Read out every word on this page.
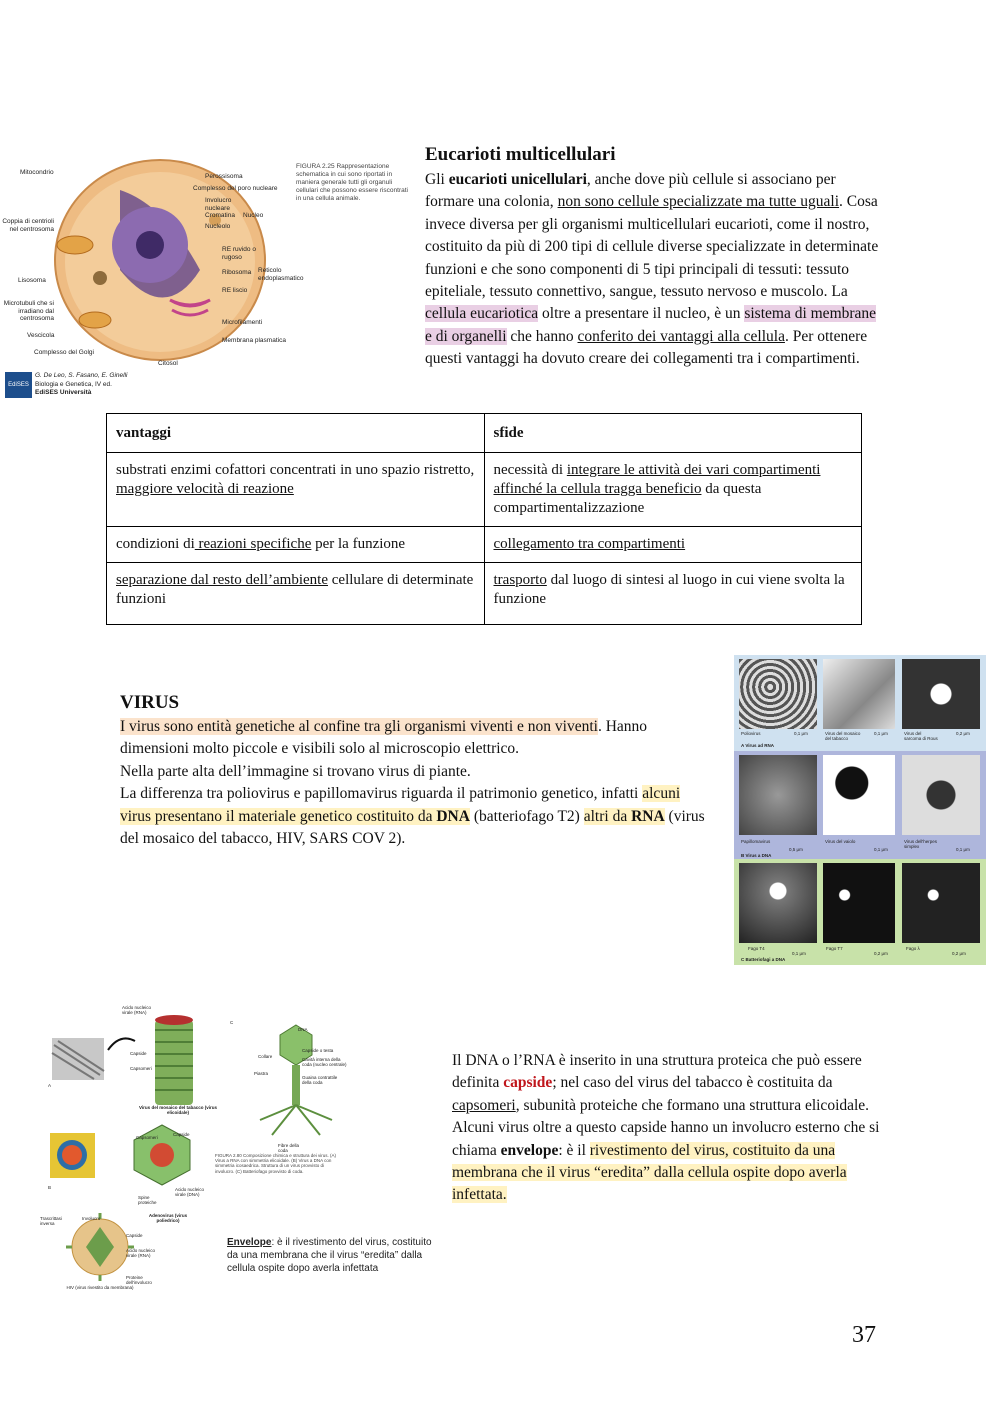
Mitocondrio
Perossisoma
Complesso del poro nucleare
Involucro nucleare
Cromatina Nucleo
Nucleolo
Coppia di centrioli nel centrosoma
RE ruvido o rugoso
Ribosoma Reticolo endoplasmatico
RE liscio
Lisosoma
Microtubuli che si irradiano dal centrosoma
Microfilamenti
Vescicola
Membrana plasmatica
Complesso del Golgi
Citosol
FIGURA 2.25 Rappresentazione schematica in cui sono riportati in maniera generale tutti gli organuli cellulari che possono essere riscontrati in una cellula animale.
EdiSES
G. De Leo, S. Fasano, E. Ginelli
Biologia e Genetica, IV ed.
EdiSES Università
Eucarioti multicellulari
Gli eucarioti unicellulari, anche dove più cellule si associano per formare una colonia, non sono cellule specializzate ma tutte uguali. Cosa invece diversa per gli organismi multicellulari eucarioti, come il nostro, costituito da più di 200 tipi di cellule diverse specializzate in determinate funzioni e che sono componenti di 5 tipi principali di tessuti: tessuto epiteliale, tessuto connettivo, sangue, tessuto nervoso e muscolo. La cellula eucariotica oltre a presentare il nucleo, è un sistema di membrane e di organelli che hanno conferito dei vantaggi alla cellula. Per ottenere questi vantaggi ha dovuto creare dei collegamenti tra i compartimenti.
vantaggi	sfide
substrati enzimi cofattori concentrati in uno spazio ristretto, maggiore velocità di reazione	necessità di integrare le attività dei vari compartimenti affinché la cellula tragga beneficio da questa compartimentalizzazione
condizioni di reazioni specifiche per la funzione	collegamento tra compartimenti
separazione dal resto dell’ambiente cellulare di determinate funzioni	trasporto dal luogo di sintesi al luogo in cui viene svolta la funzione
VIRUS
I virus sono entità genetiche al confine tra gli organismi viventi e non viventi. Hanno dimensioni molto piccole e visibili solo al microscopio elettrico.
Nella parte alta dell’immagine si trovano virus di piante.
La differenza tra poliovirus e papillomavirus riguarda il patrimonio genetico, infatti alcuni virus presentano il materiale genetico costituito da DNA (batteriofago T2) altri da RNA (virus del mosaico del tabacco, HIV, SARS COV 2).
Poliovirus	0,1 μm	Virus del mosaico del tabacco
0,1 μm	Virus del sarcoma di Rous
0,2 μm
A Virus ad RNA
Papillomavirus
0,5 μm
Virus del vaiolo
0,1 μm
Virus dell'herpes simplex
0,1 μm
B Virus a DNA
Fago T4
0,1 μm
Fago T7
0,2 μm
Fago λ
0,2 μm
C Batteriofagi a DNA
Acido nucleico virale (RNA)
Capside
Capsomeri
Virus del mosaico del tabacco (virus elicoidale)
DNA
Capside o testa
Cavità interna della coda (nucleo centrale)
Collare
Guaina contrattile della coda
Piastra
Fibre della coda
Capsomeri
Capside
Acido nucleico virale (DNA)
Spine proteiche
Adenovirus (virus poliedrico)
FIGURA 2.80 Composizione chimica e struttura dei virus. (A) Virus a RNA con simmetria elicoidale. (B) Virus a DNA con simmetria icosaedrica. Struttura di un virus provvisto di involucro. (C) Batteriofago provvisto di coda.
Trascrittasi inversa
Involucro
Capside
Acido nucleico virale (RNA)
Proteine dell'involucro
HIV (virus rivestito da membrana)
A
B
C
Envelope: è il rivestimento del virus, costituito da una membrana che il virus “eredita” dalla cellula ospite dopo averla infettata
Il DNA o l’RNA è inserito in una struttura proteica che può essere definita capside; nel caso del virus del tabacco è costituita da capsomeri, subunità proteiche che formano una struttura elicoidale. Alcuni virus oltre a questo capside hanno un involucro esterno che si chiama envelope: è il rivestimento del virus, costituito da una membrana che il virus “eredita” dalla cellula ospite dopo averla infettata.
37
